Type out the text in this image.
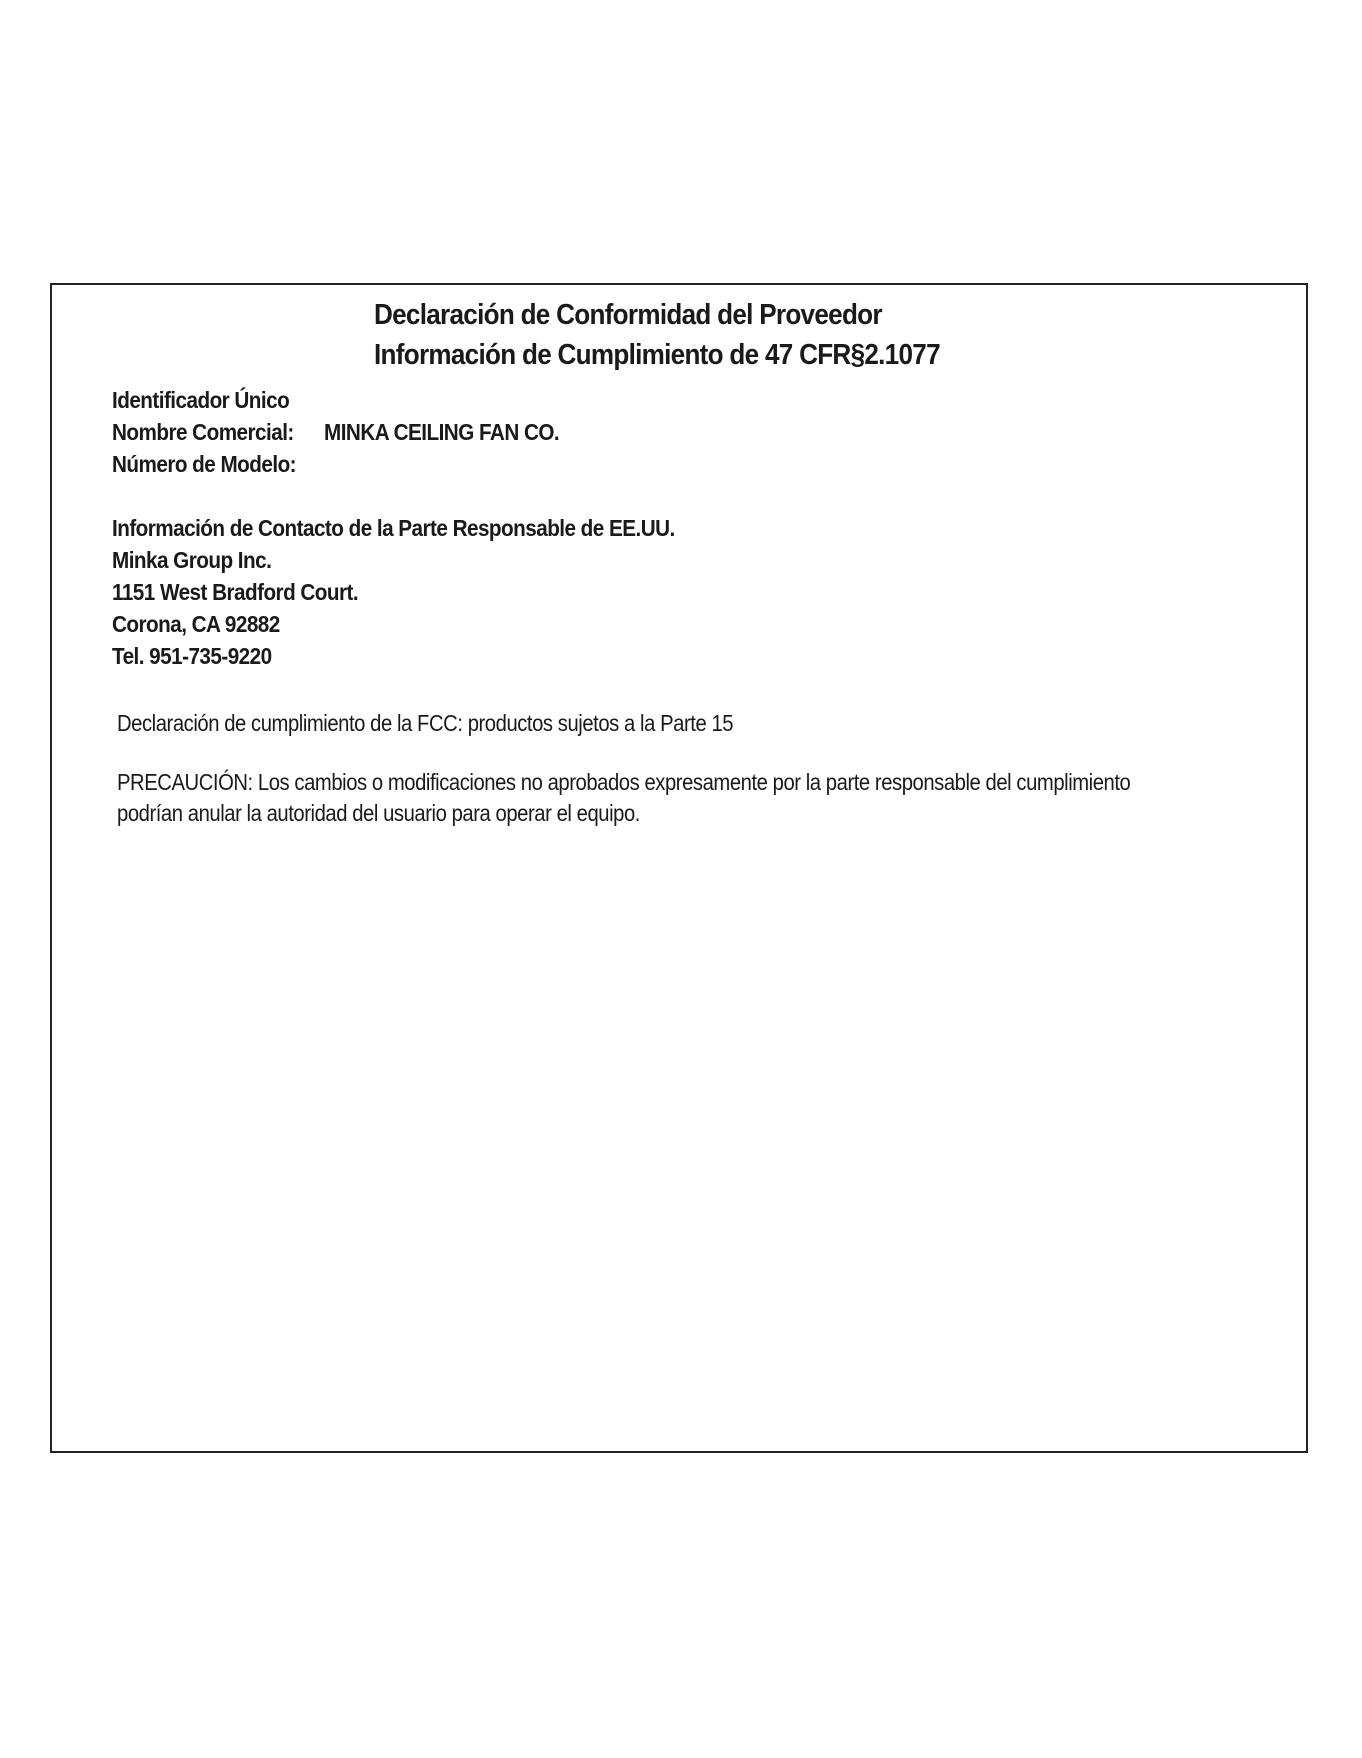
Declaración de Conformidad del Proveedor
Información de Cumplimiento de 47 CFR§2.1077
Identificador Único
Nombre Comercial: MINKA CEILING FAN CO.
Número de Modelo:
Información de Contacto de la Parte Responsable de EE.UU.
Minka Group Inc.
1151 West Bradford Court.
Corona, CA 92882
Tel. 951-735-9220
Declaración de cumplimiento de la FCC: productos sujetos a la Parte 15
PRECAUCIÓN: Los cambios o modificaciones no aprobados expresamente por la parte responsable del cumplimiento
podrían anular la autoridad del usuario para operar el equipo.
